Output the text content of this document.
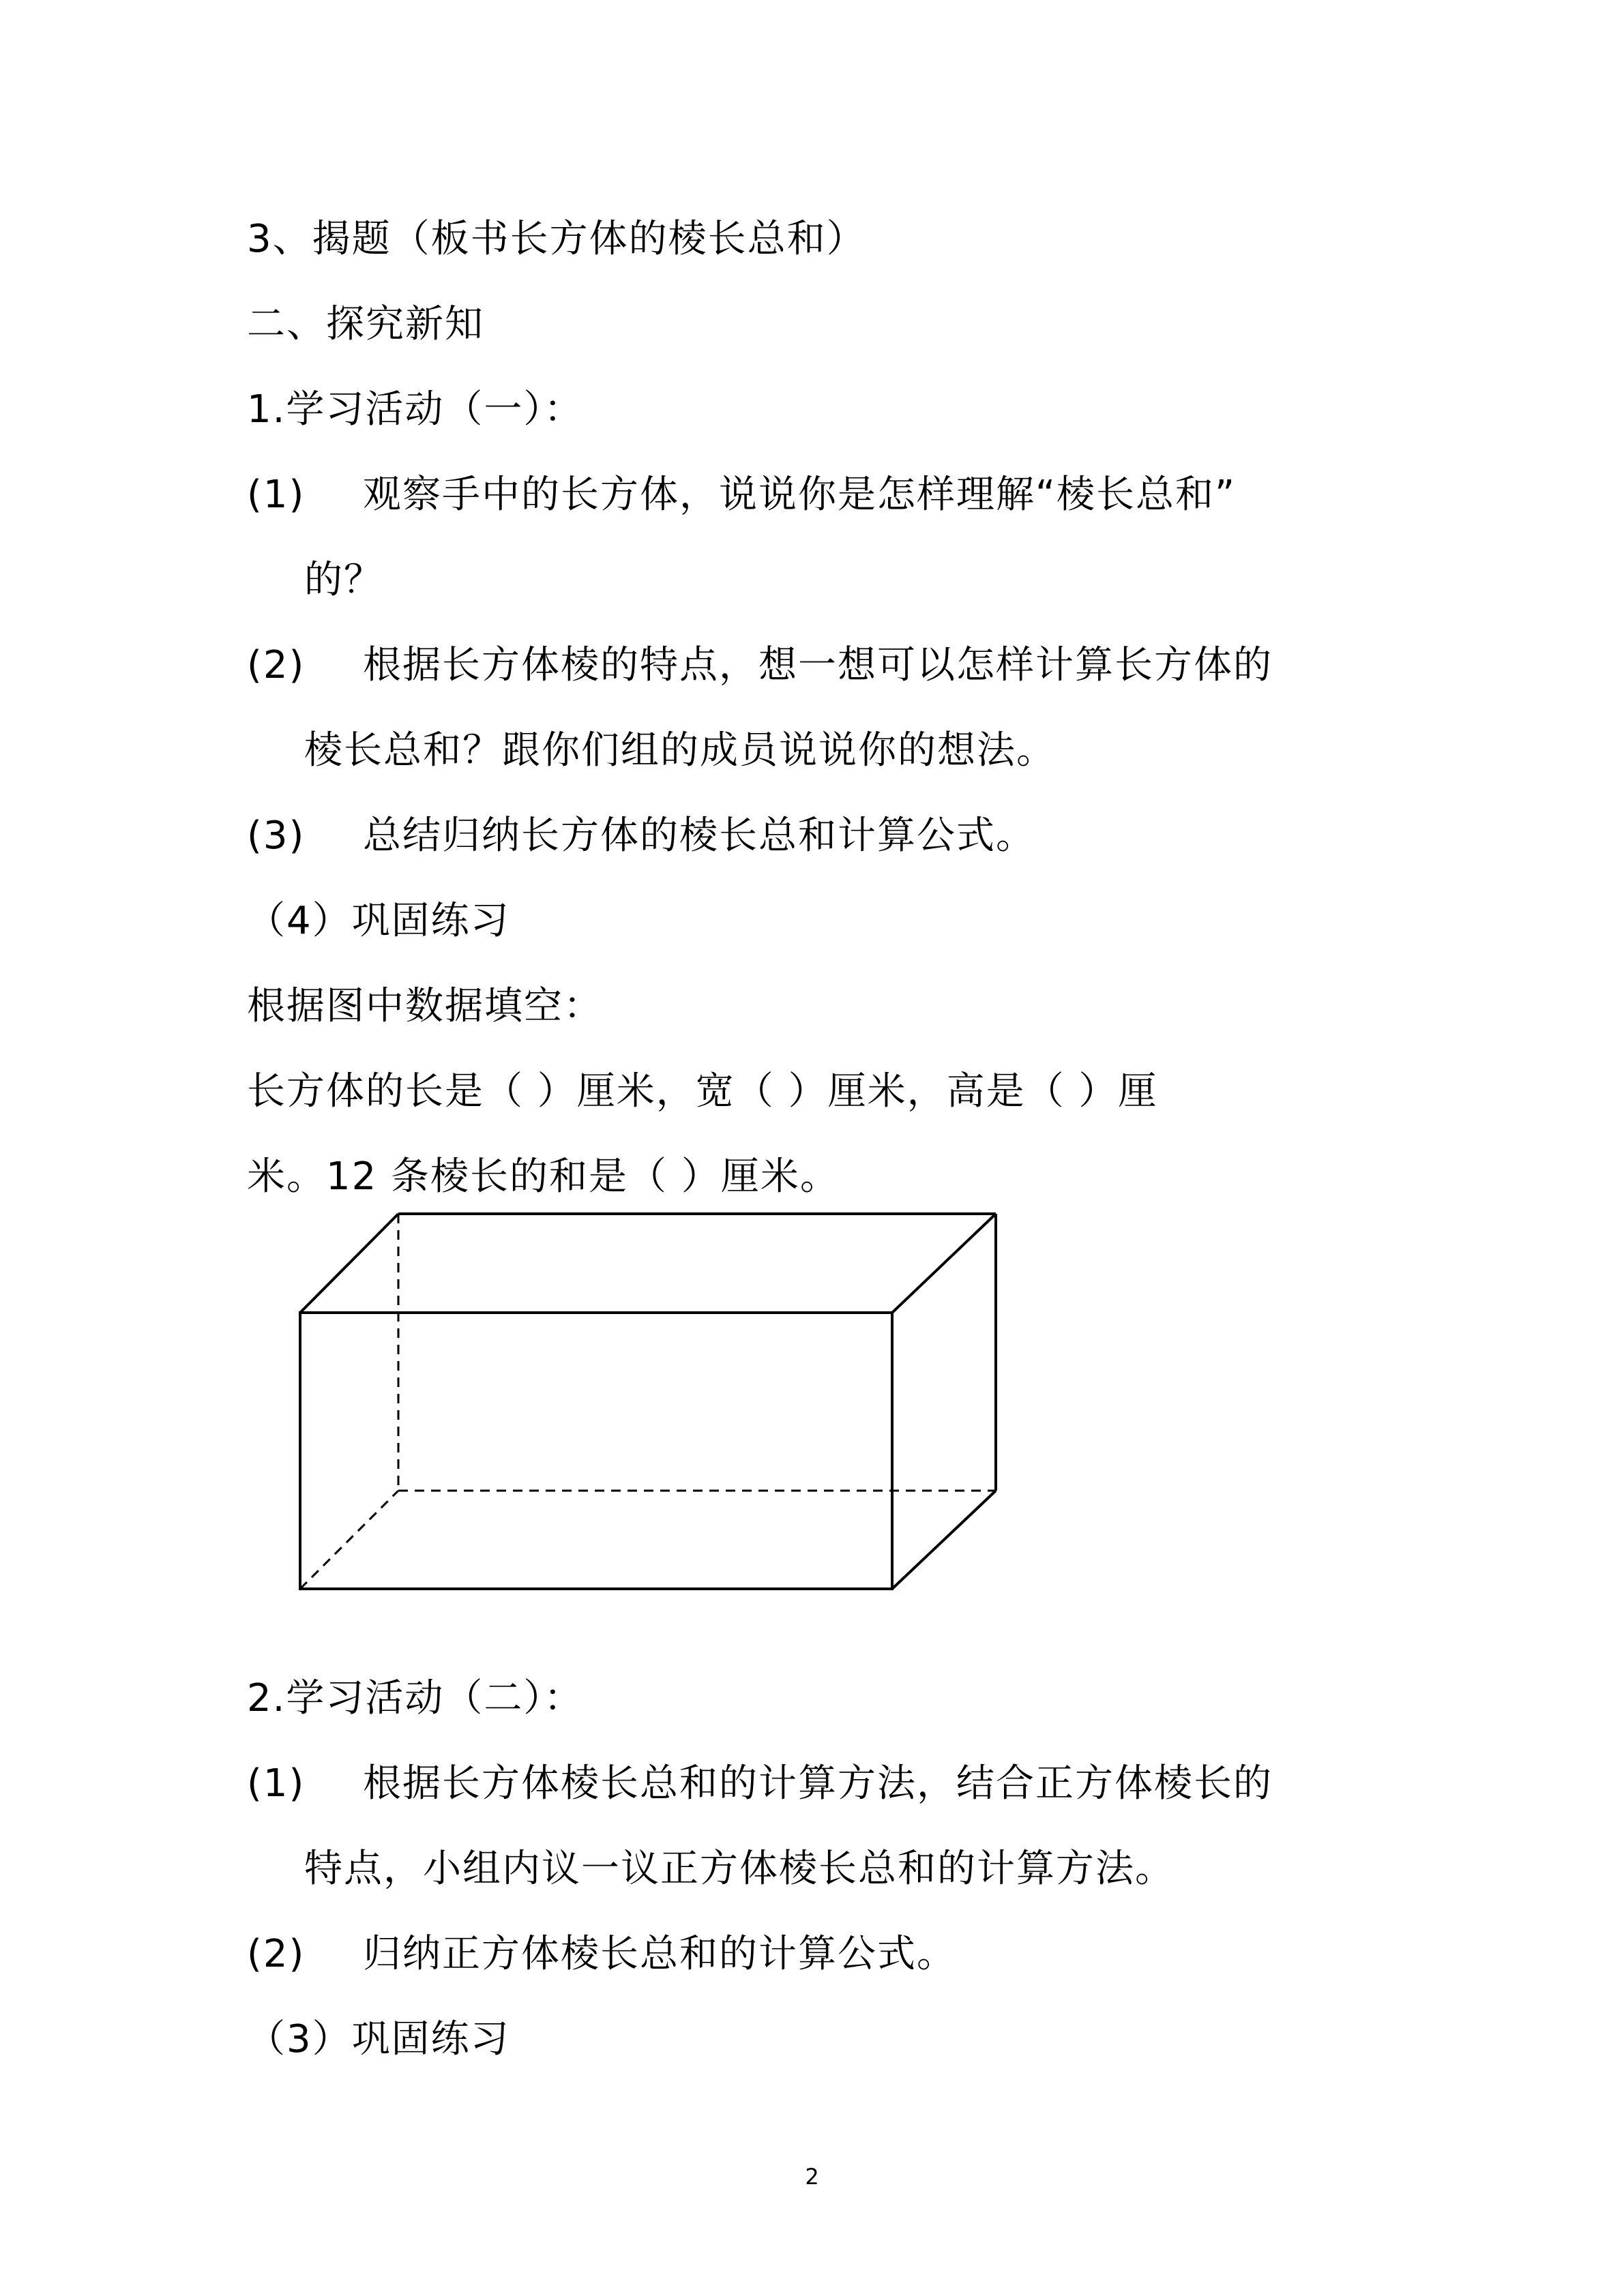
3、揭题（板书长方体的棱长总和）
二、探究新知
1.学习活动（一）：
(1) 观察手中的长方体，说说你是怎样理解“棱长总和”
的？
(2) 根据长方体棱的特点，想一想可以怎样计算长方体的
棱长总和？跟你们组的成员说说你的想法。
(3) 总结归纳长方体的棱长总和计算公式。
（4）巩固练习
根据图中数据填空：
长方体的长是（ ）厘米，宽（ ）厘米，高是（ ）厘
米。12 条棱长的和是（ ）厘米。
2.学习活动（二）：
(1) 根据长方体棱长总和的计算方法，结合正方体棱长的
特点，小组内议一议正方体棱长总和的计算方法。
(2) 归纳正方体棱长总和的计算公式。
（3）巩固练习
2
